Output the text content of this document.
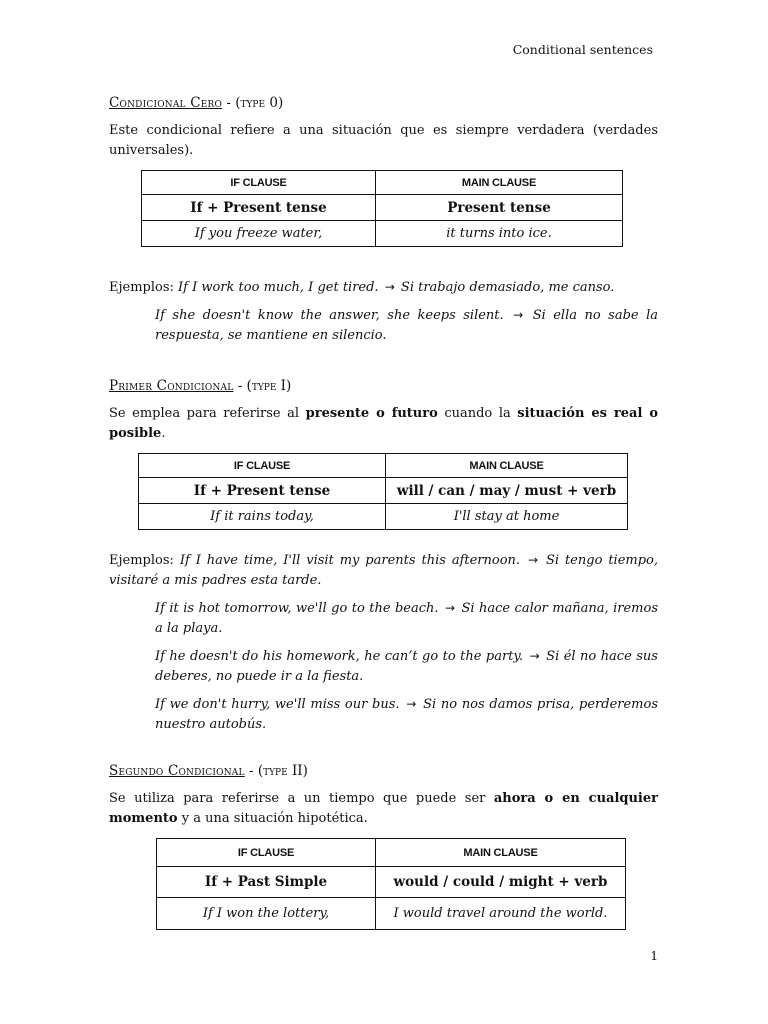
Conditional sentences
Condicional Cero - (type 0)
Este condicional refiere a una situación que es siempre verdadera (verdades universales).
IF CLAUSE	MAIN CLAUSE
If + Present tense	Present tense
If you freeze water,	it turns into ice.
Ejemplos: If I work too much, I get tired. → Si trabajo demasiado, me canso.
If she doesn't know the answer, she keeps silent. → Si ella no sabe la respuesta, se mantiene en silencio.
Primer Condicional - (type I)
Se emplea para referirse al presente o futuro cuando la situación es real o posible.
IF CLAUSE	MAIN CLAUSE
If + Present tense	will / can / may / must + verb
If it rains today,	I'll stay at home
Ejemplos: If I have time, I'll visit my parents this afternoon. → Si tengo tiempo, visitaré a mis padres esta tarde.
If it is hot tomorrow, we'll go to the beach. → Si hace calor mañana, iremos a la playa.
If he doesn't do his homework, he can’t go to the party. → Si él no hace sus deberes, no puede ir a la fiesta.
If we don't hurry, we'll miss our bus. → Si no nos damos prisa, perderemos nuestro autobús.
Segundo Condicional - (type II)
Se utiliza para referirse a un tiempo que puede ser ahora o en cualquier momento y a una situación hipotética.
IF CLAUSE	MAIN CLAUSE
If + Past Simple	would / could / might + verb
If I won the lottery,	I would travel around the world.
1
